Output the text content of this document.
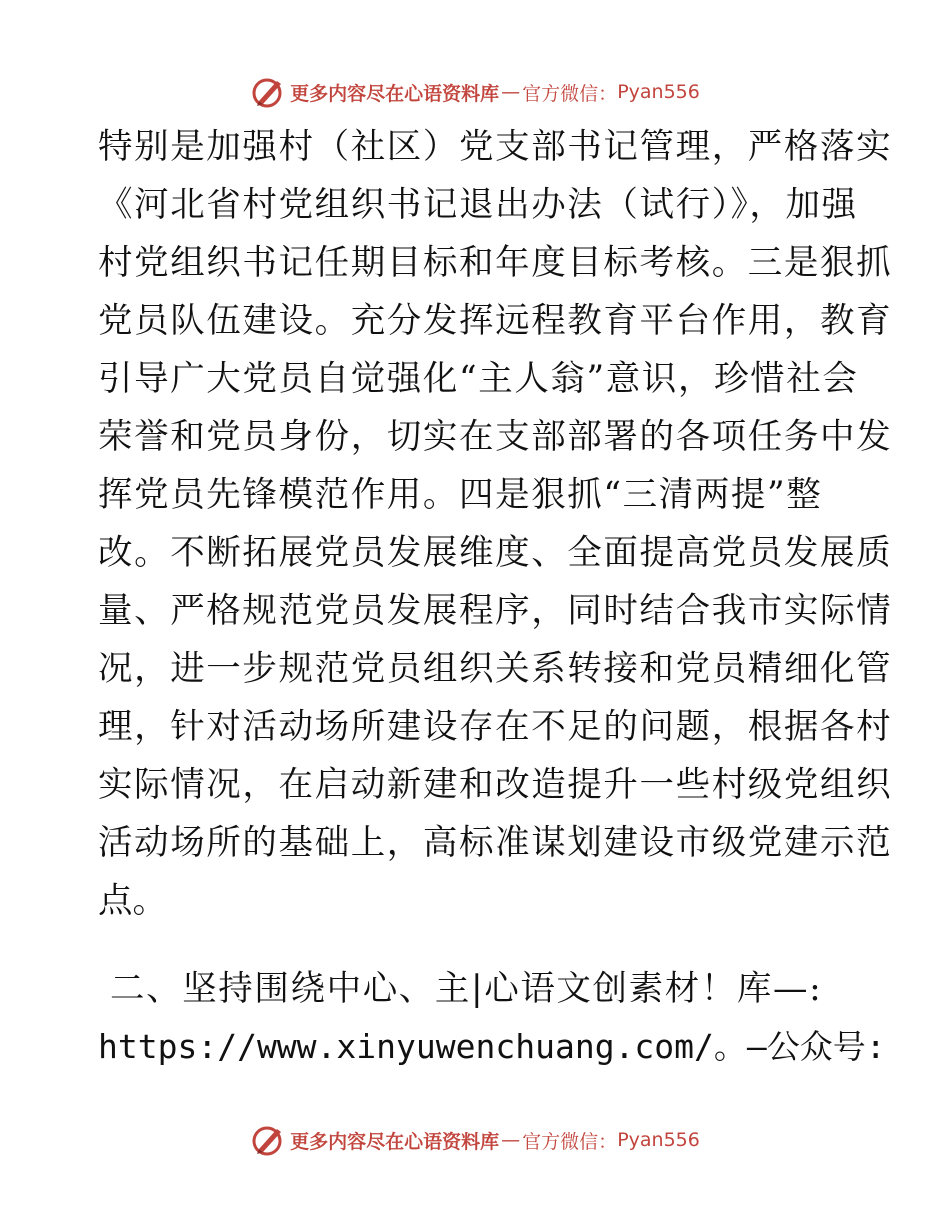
更多内容尽在心语资料库 — 官方微信： Pyan556
特别是加强村（社区）党支部书记管理，严格落实
《河北省村党组织书记退出办法（试行）》，加强
村党组织书记任期目标和年度目标考核。三是狠抓
党员队伍建设。充分发挥远程教育平台作用，教育
引导广大党员自觉强化“主人翁”意识，珍惜社会
荣誉和党员身份，切实在支部部署的各项任务中发
挥党员先锋模范作用。四是狠抓“三清两提”整
改。不断拓展党员发展维度、全面提高党员发展质
量、严格规范党员发展程序，同时结合我市实际情
况，进一步规范党员组织关系转接和党员精细化管
理，针对活动场所建设存在不足的问题，根据各村
实际情况，在启动新建和改造提升一些村级党组织
活动场所的基础上，高标准谋划建设市级党建示范
点。
二、坚持围绕中心、主|心语文创素材！库—:
https://www.xinyuwenchuang.com/。—公众号:
更多内容尽在心语资料库 — 官方微信： Pyan556
